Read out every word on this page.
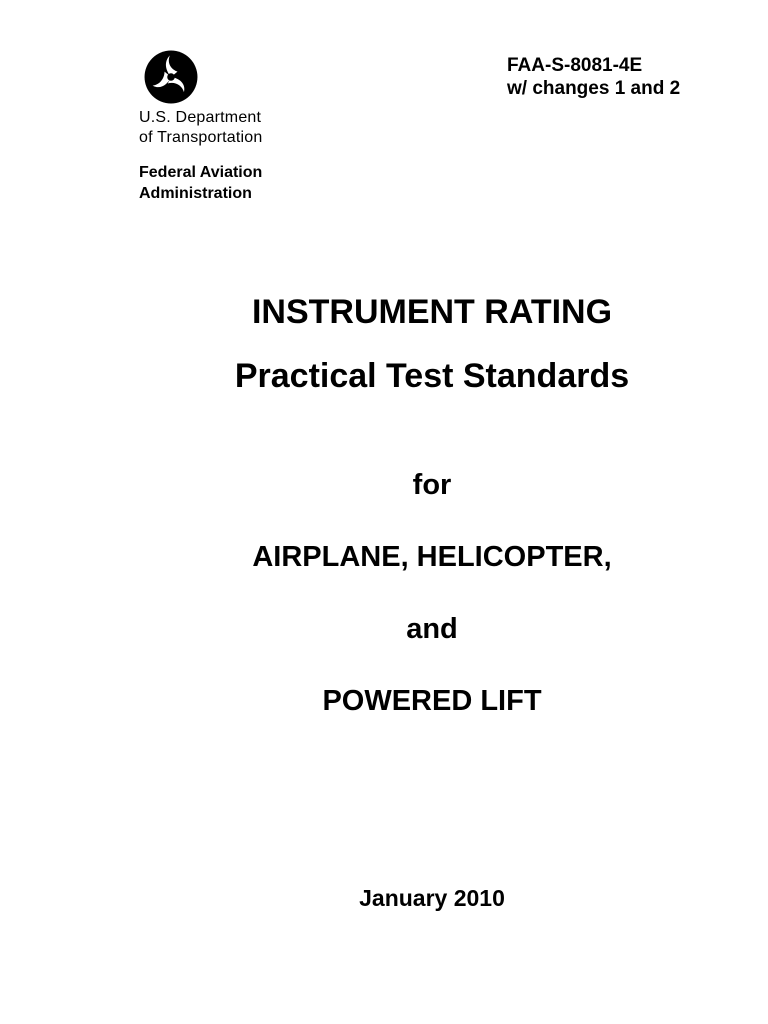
U.S. Department
of Transportation
Federal Aviation
Administration
FAA-S-8081-4E
w/ changes 1 and 2
INSTRUMENT RATING
Practical Test Standards
for
AIRPLANE, HELICOPTER,
and
POWERED LIFT
January 2010
